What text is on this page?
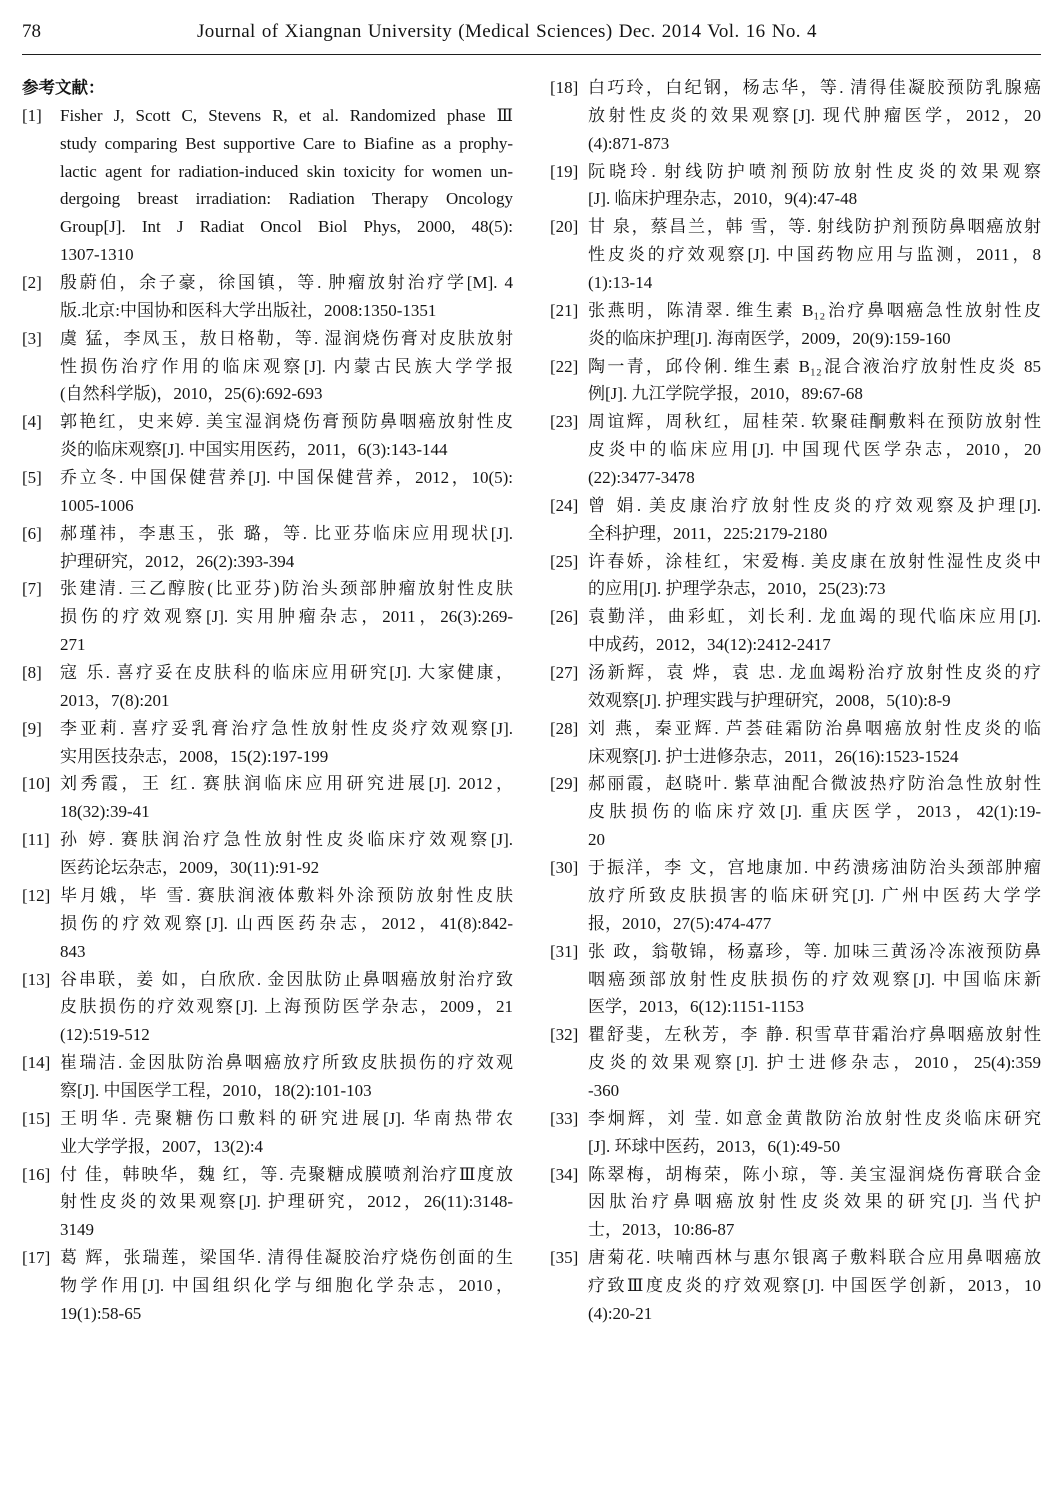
78	Journal of Xiangnan University (Medical Sciences) Dec. 2014 Vol. 16 No. 4
参考文献：
[1]	Fisher J, Scott C, Stevens R, et al. Randomized phase Ⅲ
study comparing Best supportive Care to Biafine as a prophy-
lactic agent for radiation-induced skin toxicity for women un-
dergoing breast irradiation: Radiation Therapy Oncology
Group[J]. Int J Radiat Oncol Biol Phys, 2000, 48(5):
1307-1310
[2]	殷蔚伯，余子豪，徐国镇，等. 肿瘤放射治疗学[M]. 4
版.北京:中国协和医科大学出版社，2008:1350-1351
[3]	虞 猛，李凤玉，敖日格勒，等. 湿润烧伤膏对皮肤放射
性损伤治疗作用的临床观察[J]. 内蒙古民族大学学报
(自然科学版)，2010，25(6):692-693
[4]	郭艳红，史来婷. 美宝湿润烧伤膏预防鼻咽癌放射性皮
炎的临床观察[J]. 中国实用医药，2011，6(3):143-144
[5]	乔立冬. 中国保健营养[J]. 中国保健营养，2012，10(5):
1005-1006
[6]	郝瑾祎，李惠玉，张 璐，等. 比亚芬临床应用现状[J].
护理研究，2012，26(2):393-394
[7]	张建清. 三乙醇胺(比亚芬)防治头颈部肿瘤放射性皮肤
损伤的疗效观察[J]. 实用肿瘤杂志，2011，26(3):269-
271
[8]	寇 乐. 喜疗妥在皮肤科的临床应用研究[J]. 大家健康，
2013，7(8):201
[9]	李亚莉. 喜疗妥乳膏治疗急性放射性皮炎疗效观察[J].
实用医技杂志，2008，15(2):197-199
[10] 刘秀霞，王 红. 赛肤润临床应用研究进展[J]. 2012，
18(32):39-41
[11] 孙 婷. 赛肤润治疗急性放射性皮炎临床疗效观察[J].
医药论坛杂志，2009，30(11):91-92
[12] 毕月娥，毕 雪. 赛肤润液体敷料外涂预防放射性皮肤
损伤的疗效观察[J]. 山西医药杂志，2012，41(8):842-
843
[13] 谷串联，姜 如，白欣欣. 金因肽防止鼻咽癌放射治疗致
皮肤损伤的疗效观察[J]. 上海预防医学杂志，2009，21
(12):519-512
[14] 崔瑞洁. 金因肽防治鼻咽癌放疗所致皮肤损伤的疗效观
察[J]. 中国医学工程，2010，18(2):101-103
[15] 王明华. 壳聚糖伤口敷料的研究进展[J]. 华南热带农
业大学学报，2007，13(2):4
[16] 付 佳，韩映华，魏 红，等. 壳聚糖成膜喷剂治疗Ⅲ度放
射性皮炎的效果观察[J]. 护理研究，2012，26(11):3148-
3149
[17] 葛 辉，张瑞莲，梁国华. 清得佳凝胶治疗烧伤创面的生
物学作用[J]. 中国组织化学与细胞化学杂志，2010，
19(1):58-65
[18] 白巧玲，白纪钢，杨志华，等. 清得佳凝胶预防乳腺癌
放射性皮炎的效果观察[J]. 现代肿瘤医学，2012，20
(4):871-873
[19] 阮晓玲. 射线防护喷剂预防放射性皮炎的效果观察
[J]. 临床护理杂志，2010，9(4):47-48
[20] 甘 泉，蔡昌兰，韩 雪，等. 射线防护剂预防鼻咽癌放射
性皮炎的疗效观察[J]. 中国药物应用与监测，2011，8
(1):13-14
[21] 张燕明，陈清翠. 维生素 B₁₂治疗鼻咽癌急性放射性皮
炎的临床护理[J]. 海南医学，2009，20(9):159-160
[22] 陶一青，邱伶俐. 维生素 B₁₂混合液治疗放射性皮炎 85
例[J]. 九江学院学报，2010，89:67-68
[23] 周谊辉，周秋红，屈桂荣. 软聚硅酮敷料在预防放射性
皮炎中的临床应用[J]. 中国现代医学杂志，2010，20
(22):3477-3478
[24] 曾 娟. 美皮康治疗放射性皮炎的疗效观察及护理[J].
全科护理，2011，225:2179-2180
[25] 许春娇，涂桂红，宋爱梅. 美皮康在放射性湿性皮炎中
的应用[J]. 护理学杂志，2010，25(23):73
[26] 袁勤洋，曲彩虹，刘长利. 龙血竭的现代临床应用[J].
中成药，2012，34(12):2412-2417
[27] 汤新辉，袁 烨，袁 忠. 龙血竭粉治疗放射性皮炎的疗
效观察[J]. 护理实践与护理研究，2008，5(10):8-9
[28] 刘 燕，秦亚辉. 芦荟硅霜防治鼻咽癌放射性皮炎的临
床观察[J]. 护士进修杂志，2011，26(16):1523-1524
[29] 郝丽霞，赵晓叶. 紫草油配合微波热疗防治急性放射性
皮肤损伤的临床疗效[J]. 重庆医学，2013，42(1):19-
20
[30] 于振洋，李 文，宫地康加. 中药溃疡油防治头颈部肿瘤
放疗所致皮肤损害的临床研究[J]. 广州中医药大学学
报，2010，27(5):474-477
[31] 张 政，翁敬锦，杨嘉珍，等. 加味三黄汤冷冻液预防鼻
咽癌颈部放射性皮肤损伤的疗效观察[J]. 中国临床新
医学，2013，6(12):1151-1153
[32] 瞿舒斐，左秋芳，李 静. 积雪草苷霜治疗鼻咽癌放射性
皮炎的效果观察[J]. 护士进修杂志，2010，25(4):359
-360
[33] 李炯辉，刘 莹. 如意金黄散防治放射性皮炎临床研究
[J]. 环球中医药，2013，6(1):49-50
[34] 陈翠梅，胡梅荣，陈小琼，等. 美宝湿润烧伤膏联合金
因肽治疗鼻咽癌放射性皮炎效果的研究[J]. 当代护
士，2013，10:86-87
[35] 唐菊花. 呋喃西林与惠尔银离子敷料联合应用鼻咽癌放
疗致Ⅲ度皮炎的疗效观察[J]. 中国医学创新，2013，10
(4):20-21
